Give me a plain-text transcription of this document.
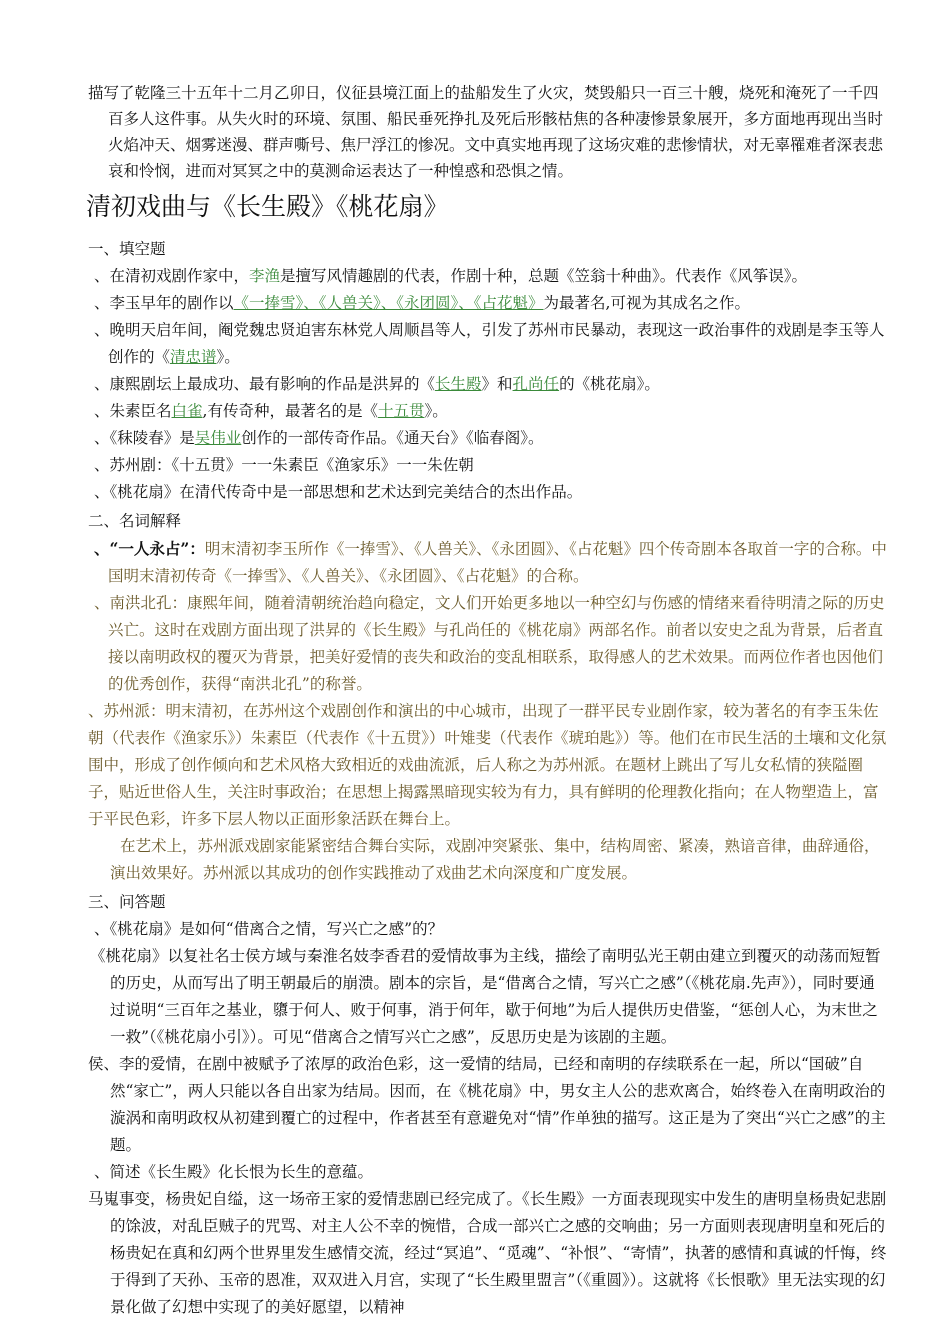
描写了乾隆三十五年十二月乙卯日，仪征县境江面上的盐船发生了火灾，焚毁船只一百三十艘，烧死和淹死了一千四百多人这件事。从失火时的环境、氛围、船民垂死挣扎及死后形骸枯焦的各种凄惨景象展开，多方面地再现出当时火焰冲天、烟雾迷漫、群声嘶号、焦尸浮江的惨况。文中真实地再现了这场灾难的悲惨情状，对无辜罹难者深表悲哀和怜悯，进而对冥冥之中的莫测命运表达了一种惶惑和恐惧之情。

清初戏曲与《长生殿》《桃花扇》

一、填空题

、在清初戏剧作家中，李渔是擅写风情趣剧的代表，作剧十种，总题《笠翁十种曲》。代表作《风筝误》。

、李玉早年的剧作以《一捧雪》、《人兽关》、《永团圆》、《占花魁》为最著名,可视为其成名之作。

、晚明天启年间，阉党魏忠贤迫害东林党人周顺昌等人，引发了苏州市民暴动，表现这一政治事件的戏剧是李玉等人创作的《清忠谱》。

、康熙剧坛上最成功、最有影响的作品是洪昇的《长生殿》和孔尚任的《桃花扇》。

、朱素臣名白雀,有传奇种，最著名的是《十五贯》。

、《秣陵春》是吴伟业创作的一部传奇作品。《通天台》《临春阁》。

、苏州剧：《十五贯》一一朱素臣《渔家乐》一一朱佐朝

、《桃花扇》在清代传奇中是一部思想和艺术达到完美结合的杰出作品。

二、名词解释

、“一人永占”：明末清初李玉所作《一捧雪》、《人兽关》、《永团圆》、《占花魁》四个传奇剧本各取首一字的合称。中国明末清初传奇《一捧雪》、《人兽关》、《永团圆》、《占花魁》的合称。

、南洪北孔：康熙年间，随着清朝统治趋向稳定，文人们开始更多地以一种空幻与伤感的情绪来看待明清之际的历史兴亡。这时在戏剧方面出现了洪昇的《长生殿》与孔尚任的《桃花扇》两部名作。前者以安史之乱为背景，后者直接以南明政权的覆灭为背景，把美好爱情的丧失和政治的变乱相联系，取得感人的艺术效果。而两位作者也因他们的优秀创作，获得“南洪北孔”的称誉。

、苏州派：明末清初，在苏州这个戏剧创作和演出的中心城市，出现了一群平民专业剧作家，较为著名的有李玉朱佐朝（代表作《渔家乐》）朱素臣（代表作《十五贯》）叶雉斐（代表作《琥珀匙》）等。他们在市民生活的土壤和文化氛围中，形成了创作倾向和艺术风格大致相近的戏曲流派，后人称之为苏州派。在题材上跳出了写儿女私情的狭隘圈子，贴近世俗人生，关注时事政治；在思想上揭露黑暗现实较为有力，具有鲜明的伦理教化指向；在人物塑造上，富于平民色彩，许多下层人物以正面形象活跃在舞台上。

在艺术上，苏州派戏剧家能紧密结合舞台实际，戏剧冲突紧张、集中，结构周密、紧凑，熟谙音律，曲辞通俗，演出效果好。苏州派以其成功的创作实践推动了戏曲艺术向深度和广度发展。

三、问答题

、《桃花扇》是如何“借离合之情，写兴亡之感”的？

《桃花扇》以复社名士侯方域与秦淮名妓李香君的爱情故事为主线，描绘了南明弘光王朝由建立到覆灭的动荡而短暂的历史，从而写出了明王朝最后的崩溃。剧本的宗旨，是“借离合之情，写兴亡之感”（《桃花扇.先声》），同时要通过说明“三百年之基业，隳于何人、败于何事，消于何年，歇于何地”为后人提供历史借鉴，“惩创人心，为末世之一救”（《桃花扇小引》）。可见“借离合之情写兴亡之感”，反思历史是为该剧的主题。

侯、李的爱情，在剧中被赋予了浓厚的政治色彩，这一爱情的结局，已经和南明的存续联系在一起，所以“国破”自然“家亡”，两人只能以各自出家为结局。因而，在《桃花扇》中，男女主人公的悲欢离合，始终卷入在南明政治的漩涡和南明政权从初建到覆亡的过程中，作者甚至有意避免对“情”作单独的描写。这正是为了突出“兴亡之感”的主题。

、简述《长生殿》化长恨为长生的意蕴。

马嵬事变，杨贵妃自缢，这一场帝王家的爱情悲剧已经完成了。《长生殿》一方面表现现实中发生的唐明皇杨贵妃悲剧的馀波，对乱臣贼子的咒骂、对主人公不幸的惋惜，合成一部兴亡之感的交响曲；另一方面则表现唐明皇和死后的杨贵妃在真和幻两个世界里发生感情交流，经过“冥追”、“觅魂”、“补恨”、“寄情”，执著的感情和真诚的忏悔，终于得到了天孙、玉帝的恩准，双双进入月宫，实现了“长生殿里盟言”（《重圆》）。这就将《长恨歌》里无法实现的幻景化做了幻想中实现了的美好愿望，以精神
